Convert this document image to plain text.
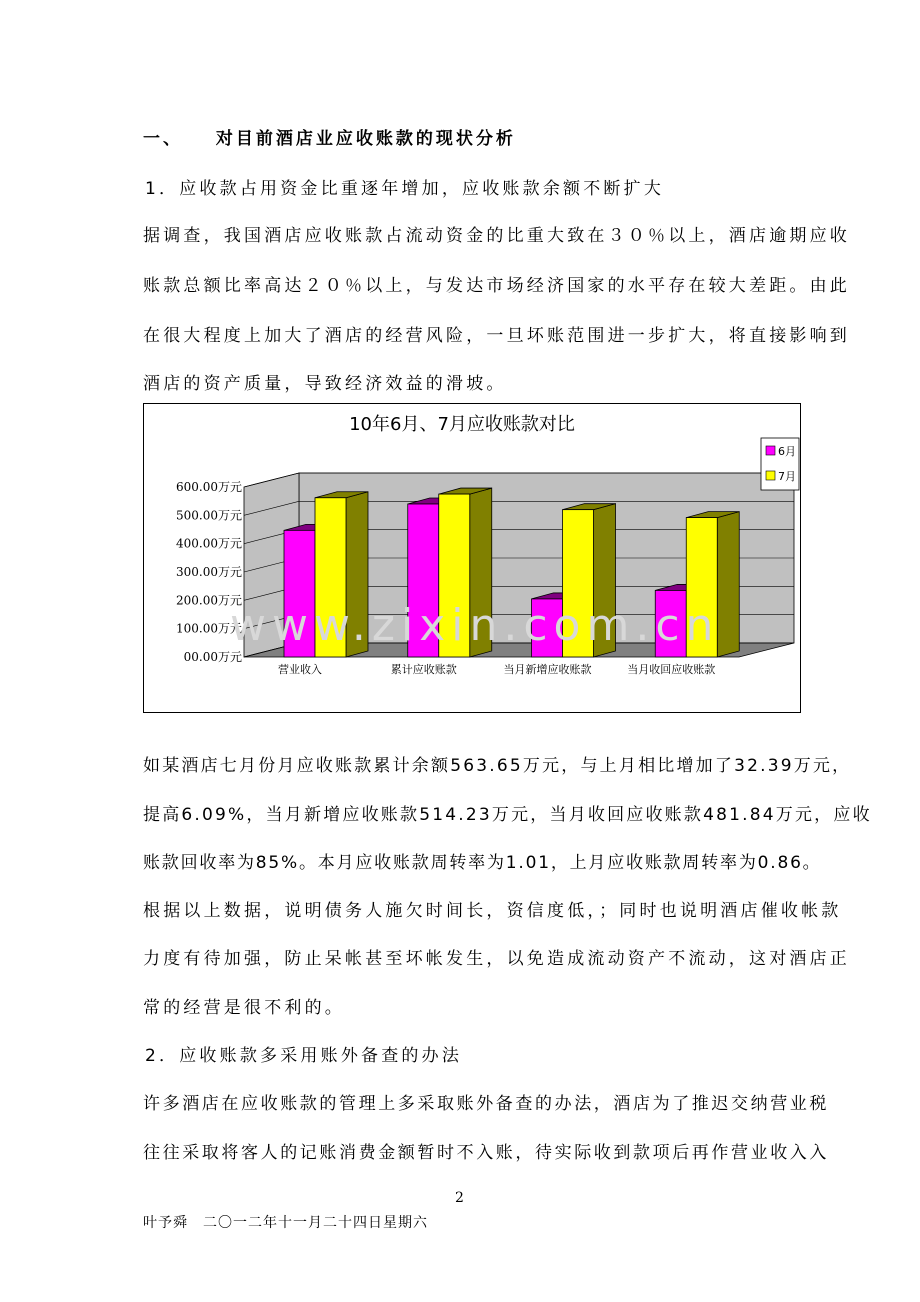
一、 对目前酒店业应收账款的现状分析
1．应收款占用资金比重逐年增加，应收账款余额不断扩大
据调查，我国酒店应收账款占流动资金的比重大致在３０％以上，酒店逾期应收
账款总额比率高达２０％以上，与发达市场经济国家的水平存在较大差距。由此
在很大程度上加大了酒店的经营风险，一旦坏账范围进一步扩大，将直接影响到
酒店的资产质量，导致经济效益的滑坡。
10年6月、7月应收账款对比
00.00万元
100.00万元
200.00万元
300.00万元
400.00万元
500.00万元
600.00万元
营业收入	累计应收账款	当月新增应收账款	当月收回应收账款
6月
7月
www.zixin.com.cn
如某酒店七月份月应收账款累计余额563.65万元，与上月相比增加了32.39万元，
提高6.09%，当月新增应收账款514.23万元，当月收回应收账款481.84万元，应收
账款回收率为85%。本月应收账款周转率为1.01，上月应收账款周转率为0.86。
根据以上数据，说明债务人施欠时间长，资信度低，；同时也说明酒店催收帐款
力度有待加强，防止呆帐甚至坏帐发生，以免造成流动资产不流动，这对酒店正
常的经营是很不利的。
2．应收账款多采用账外备查的办法
许多酒店在应收账款的管理上多采取账外备查的办法，酒店为了推迟交纳营业税
往往采取将客人的记账消费金额暂时不入账，待实际收到款项后再作营业收入入
2
叶予舜　二〇一二年十一月二十四日星期六
